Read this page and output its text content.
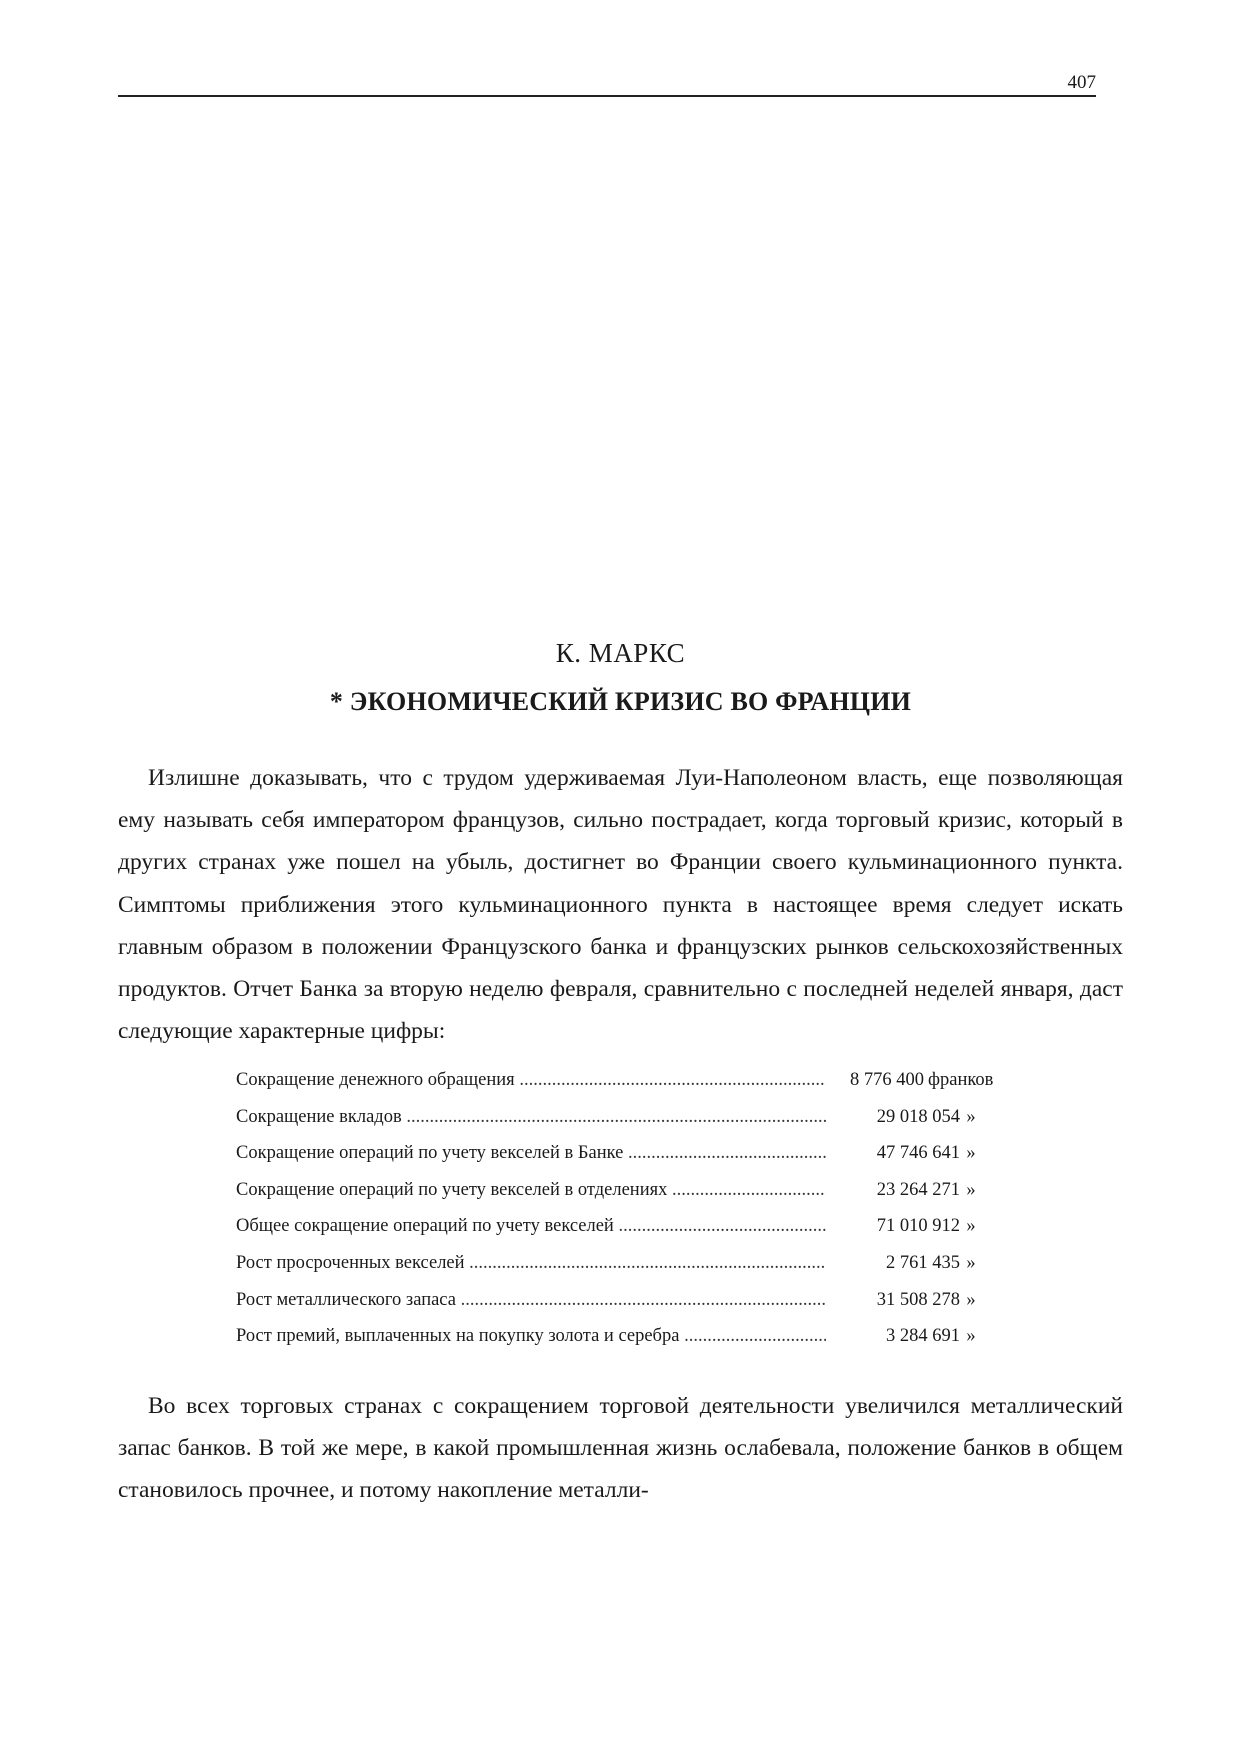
407
К. МАРКС
* ЭКОНОМИЧЕСКИЙ КРИЗИС ВО ФРАНЦИИ

Излишне доказывать, что с трудом удерживаемая Луи-Наполеоном власть, еще позволяющая ему называть себя императором французов, сильно пострадает, когда торговый кризис, который в других странах уже пошел на убыль, достигнет во Франции своего кульминационного пункта. Симптомы приближения этого кульминационного пункта в настоящее время следует искать главным образом в положении Французского банка и французских рынков сельскохозяйственных продуктов. Отчет Банка за вторую неделю февраля, сравнительно с последней неделей января, даст следующие характерные цифры:

Сокращение денежного обращения .....	8 776 400 франков
Сокращение вкладов .....	29 018 054 »
Сокращение операций по учету векселей в Банке .....	47 746 641 »
Сокращение операций по учету векселей в отделениях .....	23 264 271 »
Общее сокращение операций по учету векселей .....	71 010 912 »
Рост просроченных векселей .....	2 761 435 »
Рост металлического запаса .....	31 508 278 »
Рост премий, выплаченных на покупку золота и серебра .....	3 284 691 »

Во всех торговых странах с сокращением торговой деятельности увеличился металлический запас банков. В той же мере, в какой промышленная жизнь ослабевала, положение банков в общем становилось прочнее, и потому накопление металли-
